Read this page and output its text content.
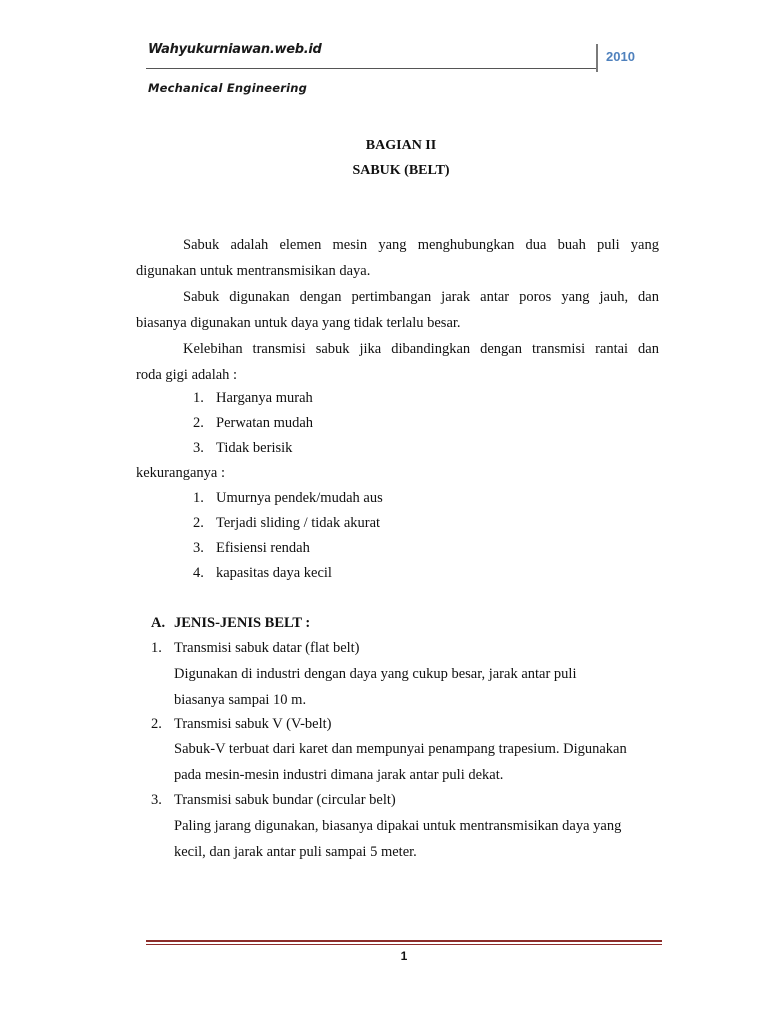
Wahyukurniawan.web.id	2010
Mechanical Engineering
BAGIAN II
SABUK (BELT)
Sabuk adalah elemen mesin yang menghubungkan dua buah puli yang
digunakan untuk mentransmisikan daya.
Sabuk digunakan dengan pertimbangan jarak antar poros yang jauh, dan
biasanya digunakan untuk daya yang tidak terlalu besar.
Kelebihan transmisi sabuk jika dibandingkan dengan transmisi rantai dan
roda gigi adalah :
1. Harganya murah
2. Perwatan mudah
3. Tidak berisik
kekuranganya :
1. Umurnya pendek/mudah aus
2. Terjadi sliding / tidak akurat
3. Efisiensi rendah
4. kapasitas daya kecil
A. JENIS-JENIS BELT :
1. Transmisi sabuk datar (flat belt)
Digunakan di industri dengan daya yang cukup besar, jarak antar puli
biasanya sampai 10 m.
2. Transmisi sabuk V (V-belt)
Sabuk-V terbuat dari karet dan mempunyai penampang trapesium. Digunakan
pada mesin-mesin industri dimana jarak antar puli dekat.
3. Transmisi sabuk bundar (circular belt)
Paling jarang digunakan, biasanya dipakai untuk mentransmisikan daya yang
kecil, dan jarak antar puli sampai 5 meter.
1
